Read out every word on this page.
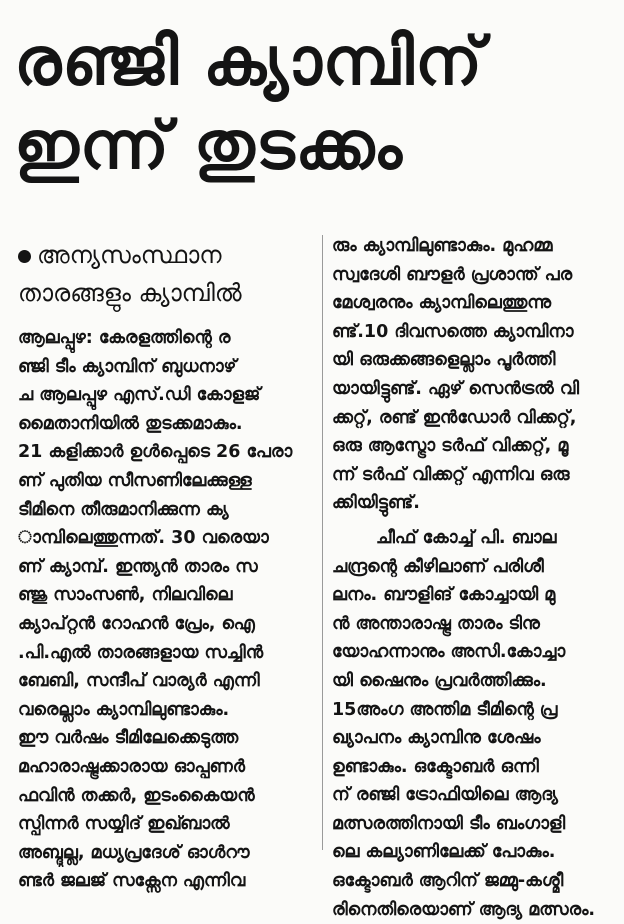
രഞ്ജി ക്യാമ്പിന്
ഇന്ന് തുടക്കം
അന്യസംസ്ഥാന
താരങ്ങളും ക്യാമ്പിൽ
ആലപ്പുഴ: കേരളത്തിന്റെ ര
ഞ്ജി ടീം ക്യാമ്പിന് ബുധനാഴ്
ച ആലപ്പുഴ എസ്.ഡി കോളജ്
മൈതാനിയിൽ തുടക്കമാകും.
21 കളിക്കാർ ഉൾപ്പെടെ 26 പേരാ
ണ് പുതിയ സീസണിലേക്കുള്ള
ടീമിനെ തീരുമാനിക്കുന്ന ക്യ
ാമ്പിലെത്തുന്നത്. 30 വരെയാ
ണ് ക്യാമ്പ്. ഇന്ത്യൻ താരം സ
ഞ്ജു സാംസൺ, നിലവിലെ
ക്യാപ്റ്റൻ റോഹൻ പ്രേം, ഐ
.പി.എൽ താരങ്ങളായ സച്ചിൻ
ബേബി, സന്ദീപ് വാര്യർ എന്നി
വരെല്ലാം ക്യാമ്പിലുണ്ടാകും.
ഈ വർഷം ടീമിലേക്കെടുത്ത
മഹാരാഷ്ട്രക്കാരായ ഓപ്പണർ
ഫവിൻ തക്കർ, ഇടംകൈയൻ
സ്പിന്നർ സയ്യിദ് ഇഖ്ബാൽ
അബ്ദുല്ല, മധ്യപ്രദേശ് ഓൾറൗ
ണ്ടർ ജലജ് സക്സേന എന്നിവ
രും ക്യാമ്പിലുണ്ടാകും. മുഹമ്മ
സ്വദേശി ബൗളർ പ്രശാന്ത് പര
മേശ്വരനും ക്യാമ്പിലെത്തുന്നു
ണ്ട്.10 ദിവസത്തെ ക്യാമ്പിനാ
യി ഒരുക്കങ്ങളെല്ലാം പൂർത്തി
യായിട്ടുണ്ട്. ഏഴ് സെൻട്രൽ വി
ക്കറ്റ്, രണ്ട് ഇൻഡോർ വിക്കറ്റ്,
ഒരു ആസ്ട്രോ ടർഫ് വിക്കറ്റ്, മൂ
ന്ന് ടർഫ് വിക്കറ്റ് എന്നിവ ഒരു
ക്കിയിട്ടുണ്ട്.
ചീഫ് കോച്ച് പി. ബാല
ചന്ദ്രന്റെ കീഴിലാണ് പരിശീ
ലനം. ബൗളിങ് കോച്ചായി മു
ൻ അന്താരാഷ്ട്ര താരം ടിനു
യോഹന്നാനും അസി.കോച്ചാ
യി ഷൈനും പ്രവർത്തിക്കും.
15അംഗ അന്തിമ ടീമിന്റെ പ്ര
ഖ്യാപനം ക്യാമ്പിനു ശേഷം
ഉണ്ടാകും. ഒക്ടോബർ ഒന്നി
ന് രഞ്ജി ട്രോഫിയിലെ ആദ്യ
മത്സരത്തിനായി ടീം ബംഗാളി
ലെ കല്യാണിലേക്ക് പോകും.
ഒക്ടോബർ ആറിന് ജമ്മു-കശ്മീ
രിനെതിരെയാണ് ആദ്യ മത്സരം.
